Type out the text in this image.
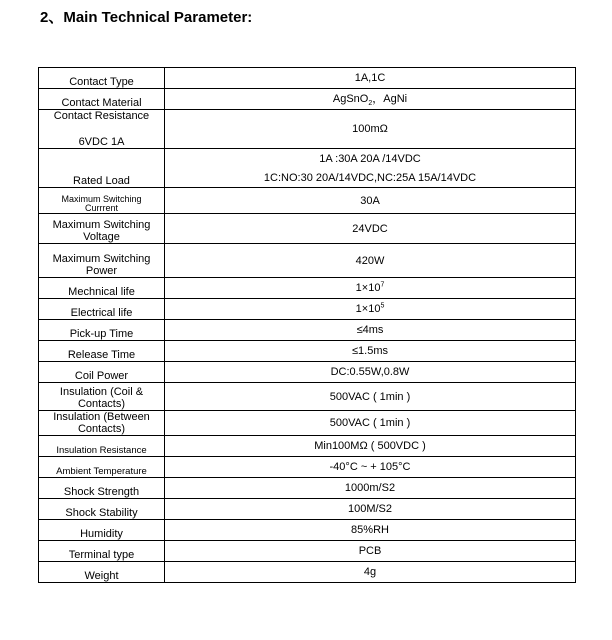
2、Main Technical Parameter:
Contact Type	1A,1C

Contact Material	AgSnO$_2$，AgNi

Contact Resistance
6VDC 1A	100mΩ

Rated Load	1A :30A 20A /14VDC
1C:NO:30 20A/14VDC,NC:25A 15A/14VDC

Maximum Switching
Currrent	30A

Maximum Switching
Voltage	24VDC

Maximum Switching
Power	420W

Mechnical life	$1\times 10^7$

Electrical life	$1\times 10^5$

Pick-up Time	≤4ms

Release Time	≤1.5ms

Coil Power	DC:0.55W,0.8W

Insulation (Coil &
Contacts)	500VAC ( 1min )

Insulation (Between
Contacts)	500VAC ( 1min )

Insulation Resistance	Min100MΩ ( 500VDC )

Ambient Temperature	-40°C ~ + 105°C

Shock Strength	1000m/S2

Shock Stability	100M/S2

Humidity	85%RH

Terminal type	PCB

Weight	4g
